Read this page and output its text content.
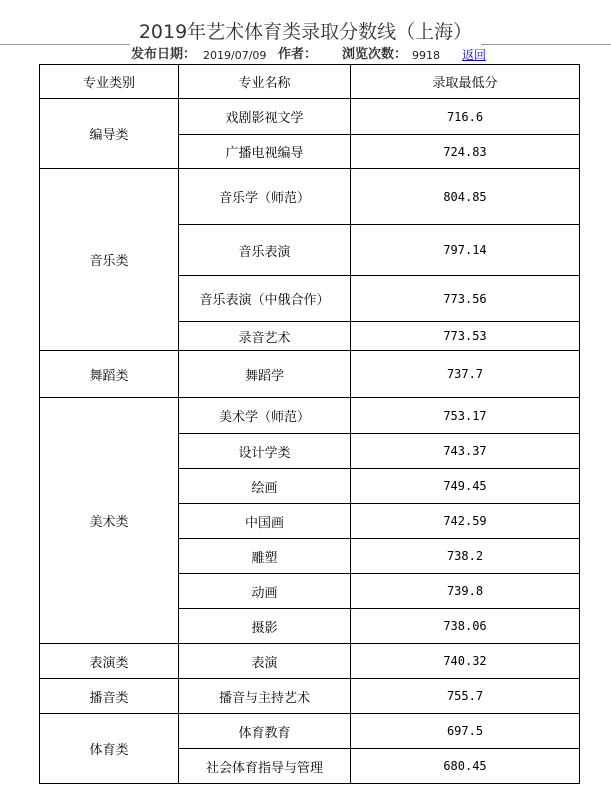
2019年艺术体育类录取分数线（上海）
发布日期： 2019/07/09 作者： 浏览次数： 9918 返回
专业类别	专业名称	录取最低分
编导类	戏剧影视文学	716.6
	广播电视编导	724.83
音乐类	音乐学（师范）	804.85
	音乐表演	797.14
	音乐表演（中俄合作）	773.56
	录音艺术	773.53
舞蹈类	舞蹈学	737.7
美术类	美术学（师范）	753.17
	设计学类	743.37
	绘画	749.45
	中国画	742.59
	雕塑	738.2
	动画	739.8
	摄影	738.06
表演类	表演	740.32
播音类	播音与主持艺术	755.7
体育类	体育教育	697.5
	社会体育指导与管理	680.45
